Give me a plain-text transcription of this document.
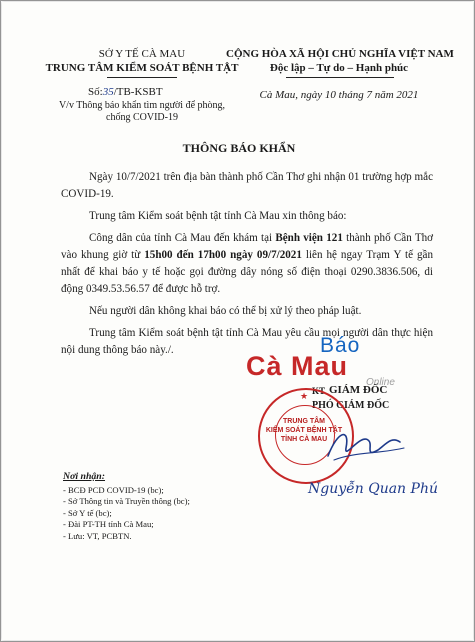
SỞ Y TẾ CÀ MAU
TRUNG TÂM KIỂM SOÁT BỆNH TẬT
Số:35/TB-KSBT
V/v Thông báo khẩn tìm người để phòng,
chống COVID-19
CỘNG HÒA XÃ HỘI CHỦ NGHĨA VIỆT NAM
Độc lập – Tự do – Hạnh phúc
Cà Mau, ngày 10 tháng 7 năm 2021
THÔNG BÁO KHẨN

Ngày 10/7/2021 trên địa bàn thành phố Cần Thơ ghi nhận 01 trường hợp mắc COVID-19.

Trung tâm Kiểm soát bệnh tật tỉnh Cà Mau xin thông báo:

Công dân của tỉnh Cà Mau đến khám tại Bệnh viện 121 thành phố Cần Thơ vào khung giờ từ 15h00 đến 17h00 ngày 09/7/2021 liên hệ ngay Trạm Y tế gần nhất để khai báo y tế hoặc gọi đường dây nóng số điện thoại 0290.3836.506, di động 0349.53.56.57 để được hỗ trợ.

Nếu người dân không khai báo có thể bị xử lý theo pháp luật.

Trung tâm Kiểm soát bệnh tật tỉnh Cà Mau yêu cầu mọi người dân thực hiện nội dung thông báo này./.	Báo
Cà Mau
Online
Nơi nhận:
- BCĐ PCD COVID-19 (bc);
- Sở Thông tin và Truyền thông (bc);
- Sở Y tế (bc);
- Đài PT-TH tỉnh Cà Mau;
- Lưu: VT, PCBTN.
KT GIÁM ĐỐC
PHÓ GIÁM ĐỐC
★
TRUNG TÂM
KIỂM SOÁT BỆNH TẬT
TỈNH CÀ MAU
Nguyễn Quan Phú
